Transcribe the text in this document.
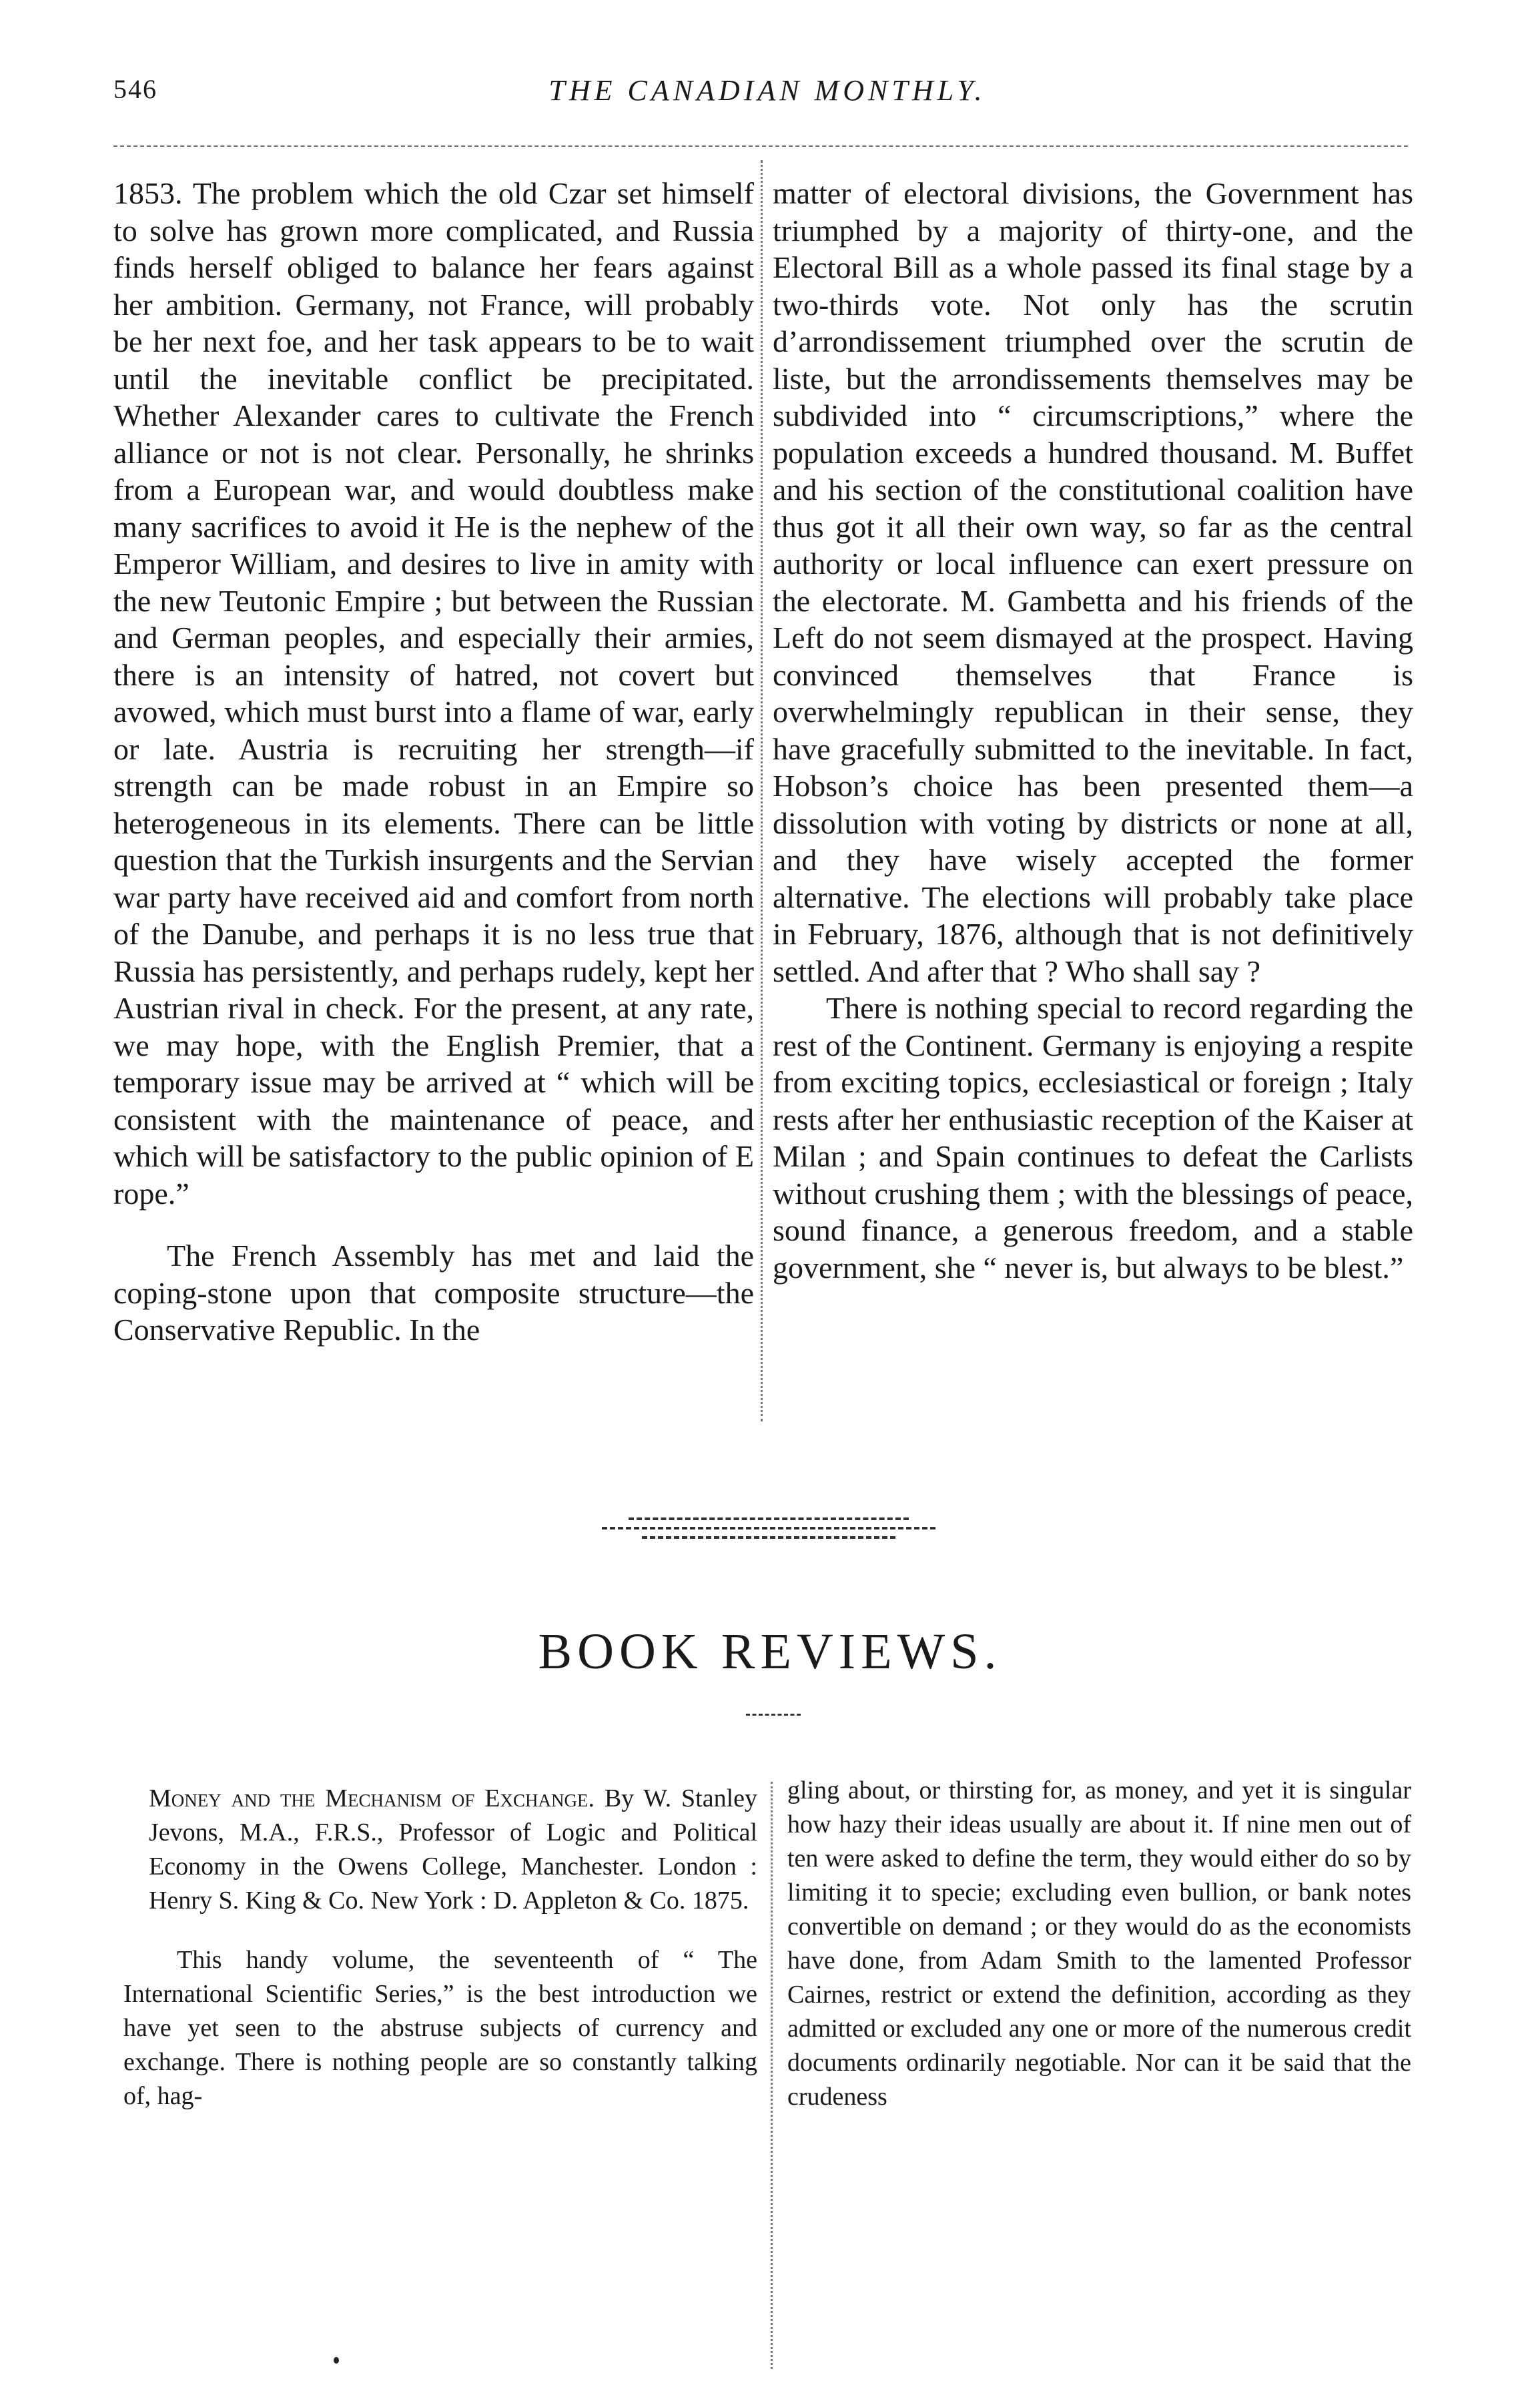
546	THE CANADIAN MONTHLY.

1853. The problem which the old Czar set himself to solve has grown more complicated, and Russia finds herself obliged to balance her fears against her ambition. Germany, not France, will probably be her next foe, and her task appears to be to wait until the inevitable conflict be precipitated. Whether Alexander cares to cultivate the French alliance or not is not clear. Personally, he shrinks from a European war, and would doubtless make many sacrifices to avoid it He is the nephew of the Emperor William, and desires to live in amity with the new Teutonic Empire ; but between the Russian and German peoples, and especially their armies, there is an intensity of hatred, not covert but avowed, which must burst into a flame of war, early or late. Austria is recruiting her strength—if strength can be made robust in an Empire so heterogeneous in its elements. There can be little question that the Turkish insurgents and the Servian war party have received aid and comfort from north of the Danube, and perhaps it is no less true that Russia has persistently, and perhaps rudely, kept her Austrian rival in check. For the present, at any rate, we may hope, with the English Premier, that a temporary issue may be arrived at “ which will be consistent with the maintenance of peace, and which will be satisfactory to the public opinion of E rope.”

The French Assembly has met and laid the coping-stone upon that composite structure—the Conservative Republic. In the

matter of electoral divisions, the Government has triumphed by a majority of thirty-one, and the Electoral Bill as a whole passed its final stage by a two-thirds vote. Not only has the scrutin d’arrondissement triumphed over the scrutin de liste, but the arrondissements themselves may be subdivided into “ circumscriptions,” where the population exceeds a hundred thousand. M. Buffet and his section of the constitutional coalition have thus got it all their own way, so far as the central authority or local influence can exert pressure on the electorate. M. Gambetta and his friends of the Left do not seem dismayed at the prospect. Having convinced themselves that France is overwhelmingly republican in their sense, they have gracefully submitted to the inevitable. In fact, Hobson’s choice has been presented them—a dissolution with voting by districts or none at all, and they have wisely accepted the former alternative. The elections will probably take place in February, 1876, although that is not definitively settled. And after that ? Who shall say ?

There is nothing special to record regarding the rest of the Continent. Germany is enjoying a respite from exciting topics, ecclesiastical or foreign ; Italy rests after her enthusiastic reception of the Kaiser at Milan ; and Spain continues to defeat the Carlists without crushing them ; with the blessings of peace, sound finance, a generous freedom, and a stable government, she “ never is, but always to be blest.”

BOOK REVIEWS.

Money and the Mechanism of Exchange. By W. Stanley Jevons, M.A., F.R.S., Professor of Logic and Political Economy in the Owens College, Manchester. London : Henry S. King & Co. New York : D. Appleton & Co. 1875.

This handy volume, the seventeenth of “ The International Scientific Series,” is the best introduction we have yet seen to the abstruse subjects of currency and exchange. There is nothing people are so constantly talking of, hag-

gling about, or thirsting for, as money, and yet it is singular how hazy their ideas usually are about it. If nine men out of ten were asked to define the term, they would either do so by limiting it to specie; excluding even bullion, or bank notes convertible on demand ; or they would do as the economists have done, from Adam Smith to the lamented Professor Cairnes, restrict or extend the definition, according as they admitted or excluded any one or more of the numerous credit documents ordinarily negotiable. Nor can it be said that the crudeness
